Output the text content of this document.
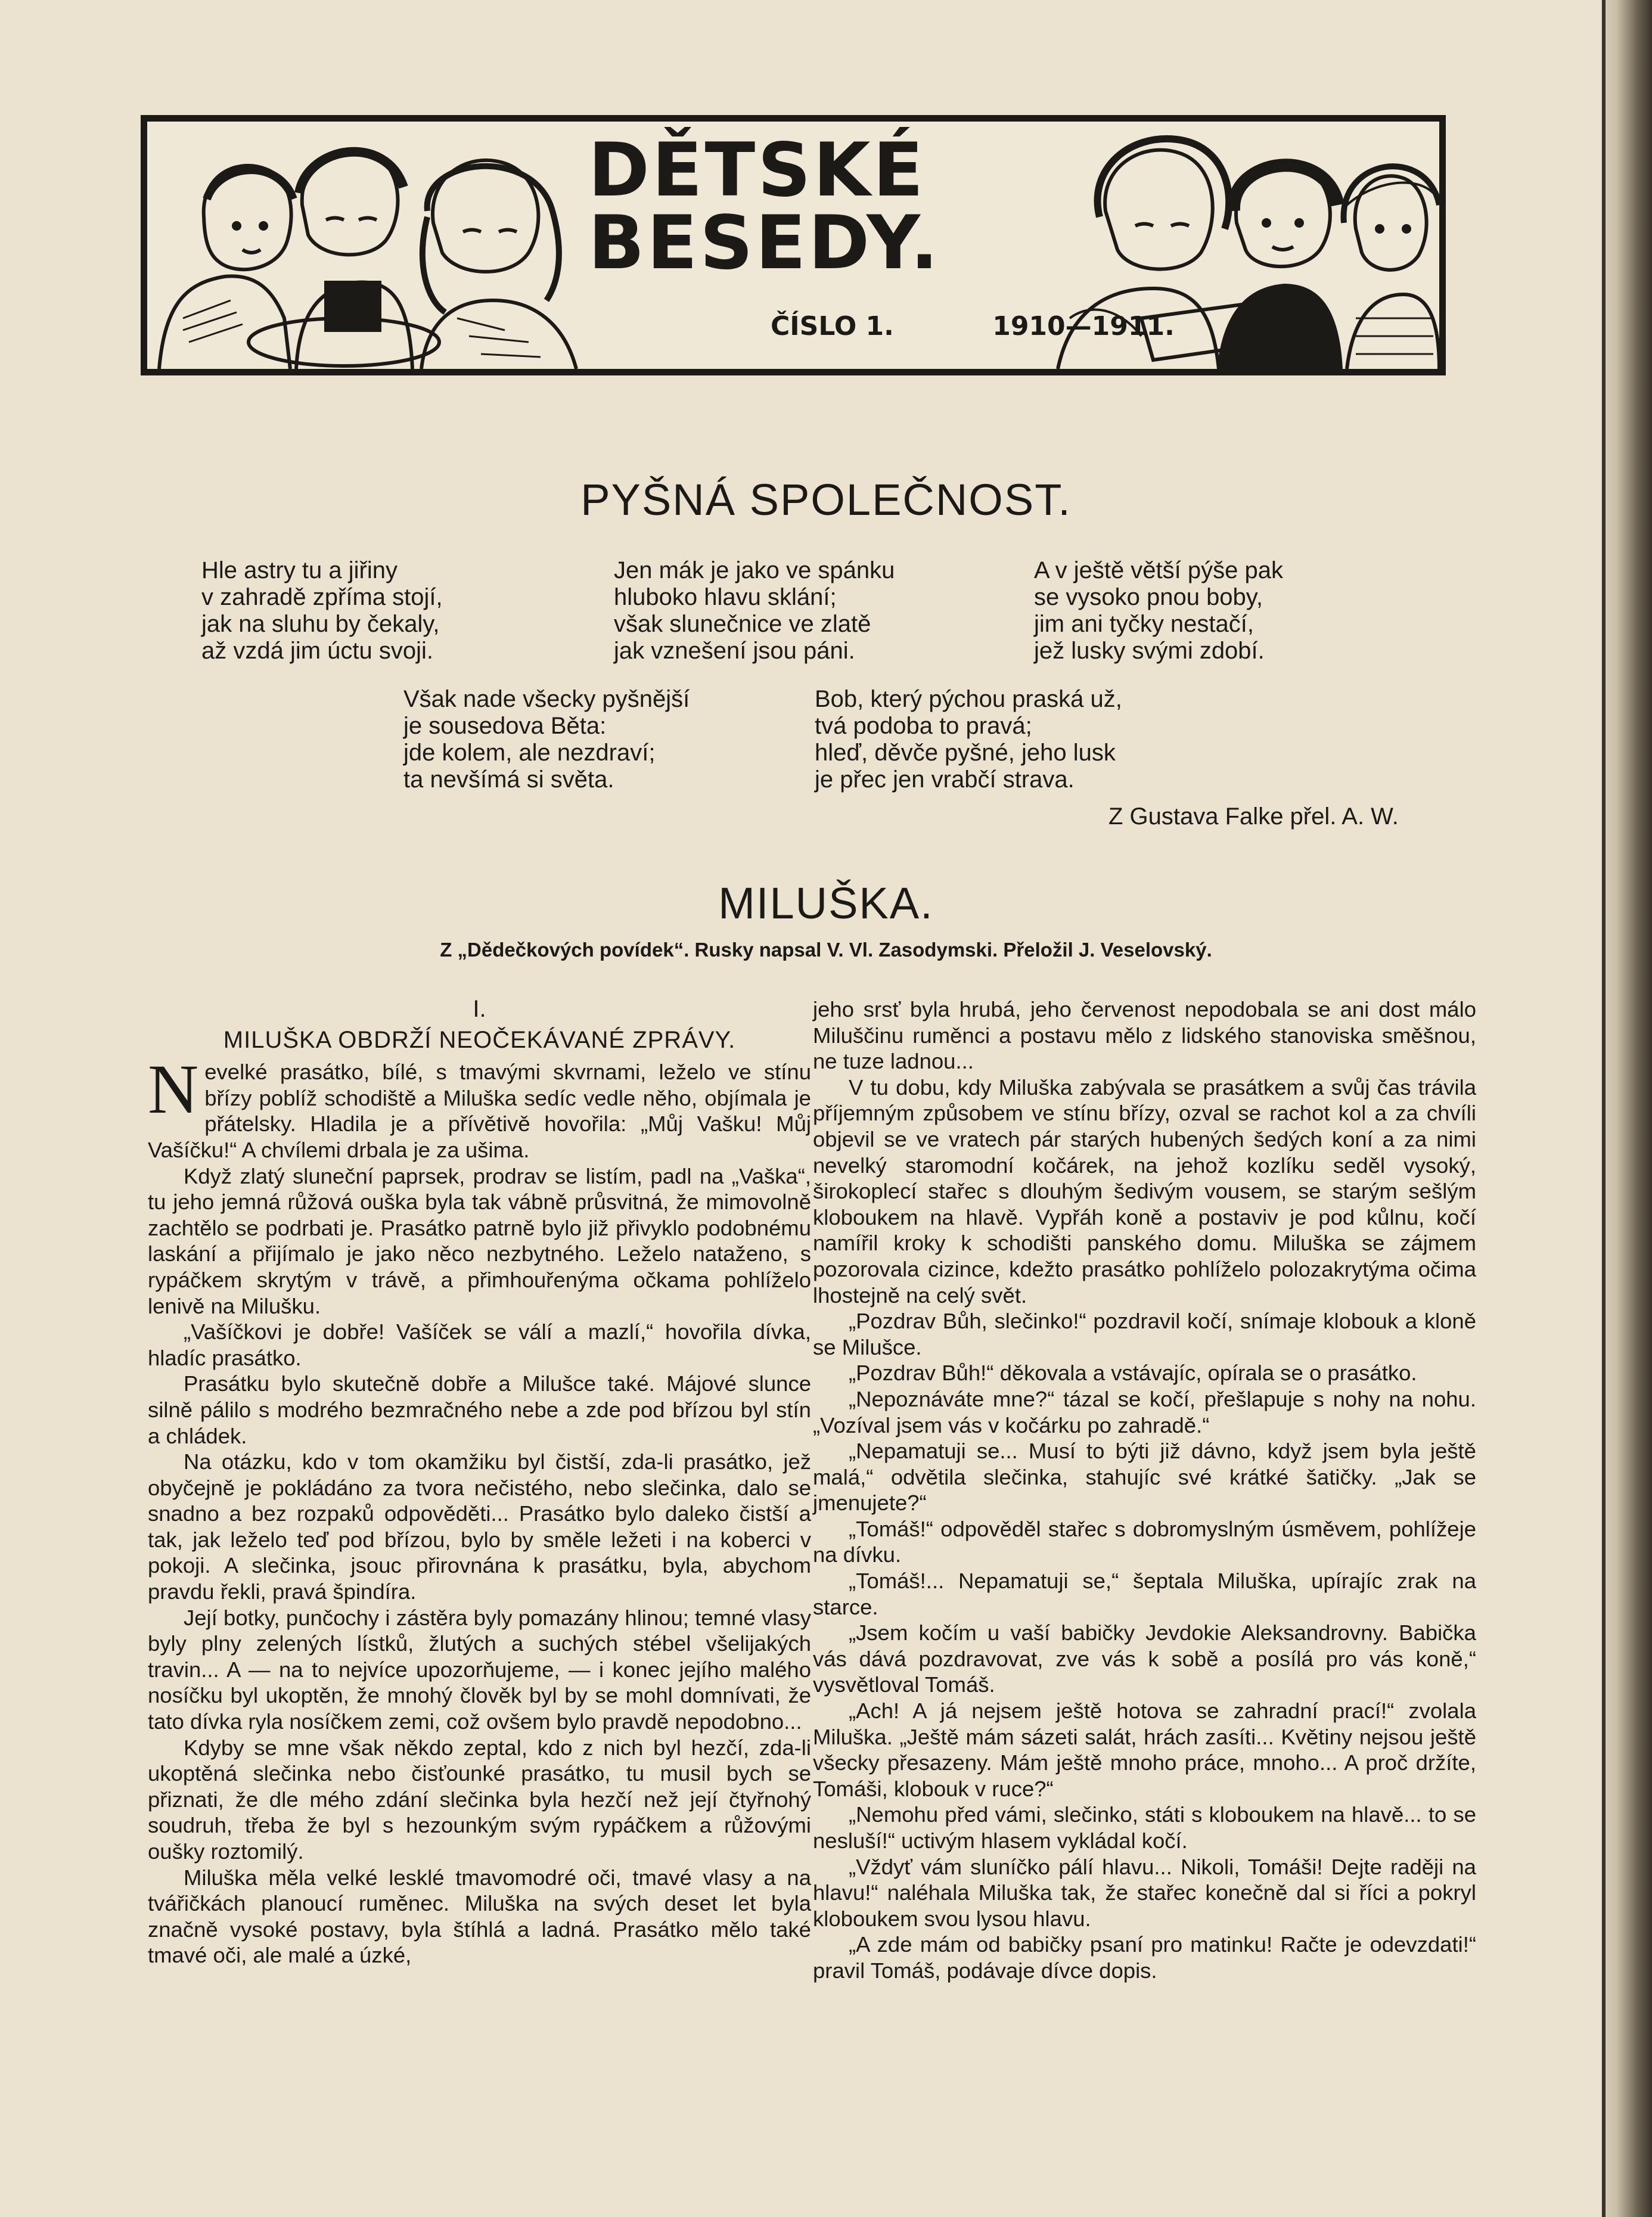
DĚTSKÉ
BESEDY.
ČÍSLO 1.	1910—1911.
PYŠNÁ SPOLEČNOST.
Hle astry tu a jiřiny
v zahradě zpříma stojí,
jak na sluhu by čekaly,
až vzdá jim úctu svoji.
Jen mák je jako ve spánku
hluboko hlavu sklání;
však slunečnice ve zlatě
jak vznešení jsou páni.
A v ještě větší pýše pak
se vysoko pnou boby,
jim ani tyčky nestačí,
jež lusky svými zdobí.
Však nade všecky pyšnější
je sousedova Běta:
jde kolem, ale nezdraví;
ta nevšímá si světa.
Bob, který pýchou praská už,
tvá podoba to pravá;
hleď, děvče pyšné, jeho lusk
je přec jen vrabčí strava.
Z Gustava Falke přel. A. W.
MILUŠKA.
Z „Dědečkových povídek“. Rusky napsal V. Vl. Zasodymski. Přeložil J. Veselovský.
I.
MILUŠKA OBDRŽÍ NEOČEKÁVANÉ ZPRÁVY.

Nevelké prasátko, bílé, s tmavými skvrnami, leželo ve stínu břízy poblíž schodiště a Miluška sedíc vedle něho, objímala je přátelsky. Hladila je a přívětivě hovořila: „Můj Vašku! Můj Vašíčku!“ A chvílemi drbala je za ušima.

Když zlatý sluneční paprsek, prodrav se listím, padl na „Vaška“, tu jeho jemná růžová ouška byla tak vábně průsvitná, že mimovolně zachtělo se podrbati je. Prasátko patrně bylo již přivyklo podobnému laskání a přijímalo je jako něco nezbytného. Leželo nataženo, s rypáčkem skrytým v trávě, a přimhouřenýma očkama pohlíželo lenivě na Milušku.

„Vašíčkovi je dobře! Vašíček se válí a mazlí,“ hovořila dívka, hladíc prasátko.

Prasátku bylo skutečně dobře a Milušce také. Májové slunce silně pálilo s modrého bezmračného nebe a zde pod břízou byl stín a chládek.

Na otázku, kdo v tom okamžiku byl čistší, zda-li prasátko, jež obyčejně je pokládáno za tvora nečistého, nebo slečinka, dalo se snadno a bez rozpaků odpověděti... Prasátko bylo daleko čistší a tak, jak leželo teď pod břízou, bylo by směle ležeti i na koberci v pokoji. A slečinka, jsouc přirovnána k prasátku, byla, abychom pravdu řekli, pravá špindíra.

Její botky, punčochy i zástěra byly pomazány hlinou; temné vlasy byly plny zelených lístků, žlutých a suchých stébel všelijakých travin... A — na to nejvíce upozorňujeme, — i konec jejího malého nosíčku byl ukoptěn, že mnohý člověk byl by se mohl domnívati, že tato dívka ryla nosíčkem zemi, což ovšem bylo pravdě nepodobno...

Kdyby se mne však někdo zeptal, kdo z nich byl hezčí, zda-li ukoptěná slečinka nebo čisťounké prasátko, tu musil bych se přiznati, že dle mého zdání slečinka byla hezčí než její čtyřnohý soudruh, třeba že byl s hezounkým svým rypáčkem a růžovými ouškу roztomilý.

Miluška měla velké lesklé tmavomodré oči, tmavé vlasy a na tvářičkách planoucí ruměnec. Miluška na svých deset let byla značně vysoké postavy, byla štíhlá a ladná. Prasátko mělo také tmavé oči, ale malé a úzké,

jeho srsť byla hrubá, jeho červenost nepodobala se ani dost málo Miluščinu ruměnci a postavu mělo z lidského stanoviska směšnou, ne tuze ladnou...

V tu dobu, kdy Miluška zabývala se prasátkem a svůj čas trávila příjemným způsobem ve stínu břízy, ozval se rachot kol a za chvíli objevil se ve vratech pár starých hubených šedých koní a za nimi nevelký staromodní kočárek, na jehož kozlíku seděl vysoký, širokoplecí stařec s dlouhým šedivým vousem, se starým sešlým kloboukem na hlavě. Vypřáh koně a postaviv je pod kůlnu, kočí namířil kroky k schodišti panského domu. Miluška se zájmem pozorovala cizince, kdežto prasátko pohlíželo polozakrytýma očima lhostejně na celý svět.

„Pozdrav Bůh, slečinko!“ pozdravil kočí, snímaje klobouk a kloně se Milušce.

„Pozdrav Bůh!“ děkovala a vstávajíc, opírala se o prasátko.

„Nepoznáváte mne?“ tázal se kočí, přešlapuje s nohy na nohu. „Vozíval jsem vás v kočárku po zahradě.“

„Nepamatuji se... Musí to býti již dávno, když jsem byla ještě malá,“ odvětila slečinka, stahujíc své krátké šatičky. „Jak se jmenujete?“

„Tomáš!“ odpověděl stařec s dobromyslným úsměvem, pohlížeje na dívku.

„Tomáš!... Nepamatuji se,“ šeptala Miluška, upírajíc zrak na starce.

„Jsem kočím u vaší babičky Jevdokie Aleksandrovny. Babička vás dává pozdravovat, zve vás k sobě a posílá pro vás koně,“ vysvětloval Tomáš.

„Ach! A já nejsem ještě hotova se zahradní prací!“ zvolala Miluška. „Ještě mám sázeti salát, hrách zasíti... Květiny nejsou ještě všecky přesazeny. Mám ještě mnoho práce, mnoho... A proč držíte, Tomáši, klobouk v ruce?“

„Nemohu před vámi, slečinko, státi s kloboukem na hlavě... to se nesluší!“ uctivým hlasem vykládal kočí.

„Vždyť vám sluníčko pálí hlavu... Nikoli, Tomáši! Dejte raději na hlavu!“ naléhala Miluška tak, že stařec konečně dal si říci a pokryl kloboukem svou lysou hlavu.

„A zde mám od babičky psaní pro matinku! Račte je odevzdati!“ pravil Tomáš, podávaje dívce dopis.
